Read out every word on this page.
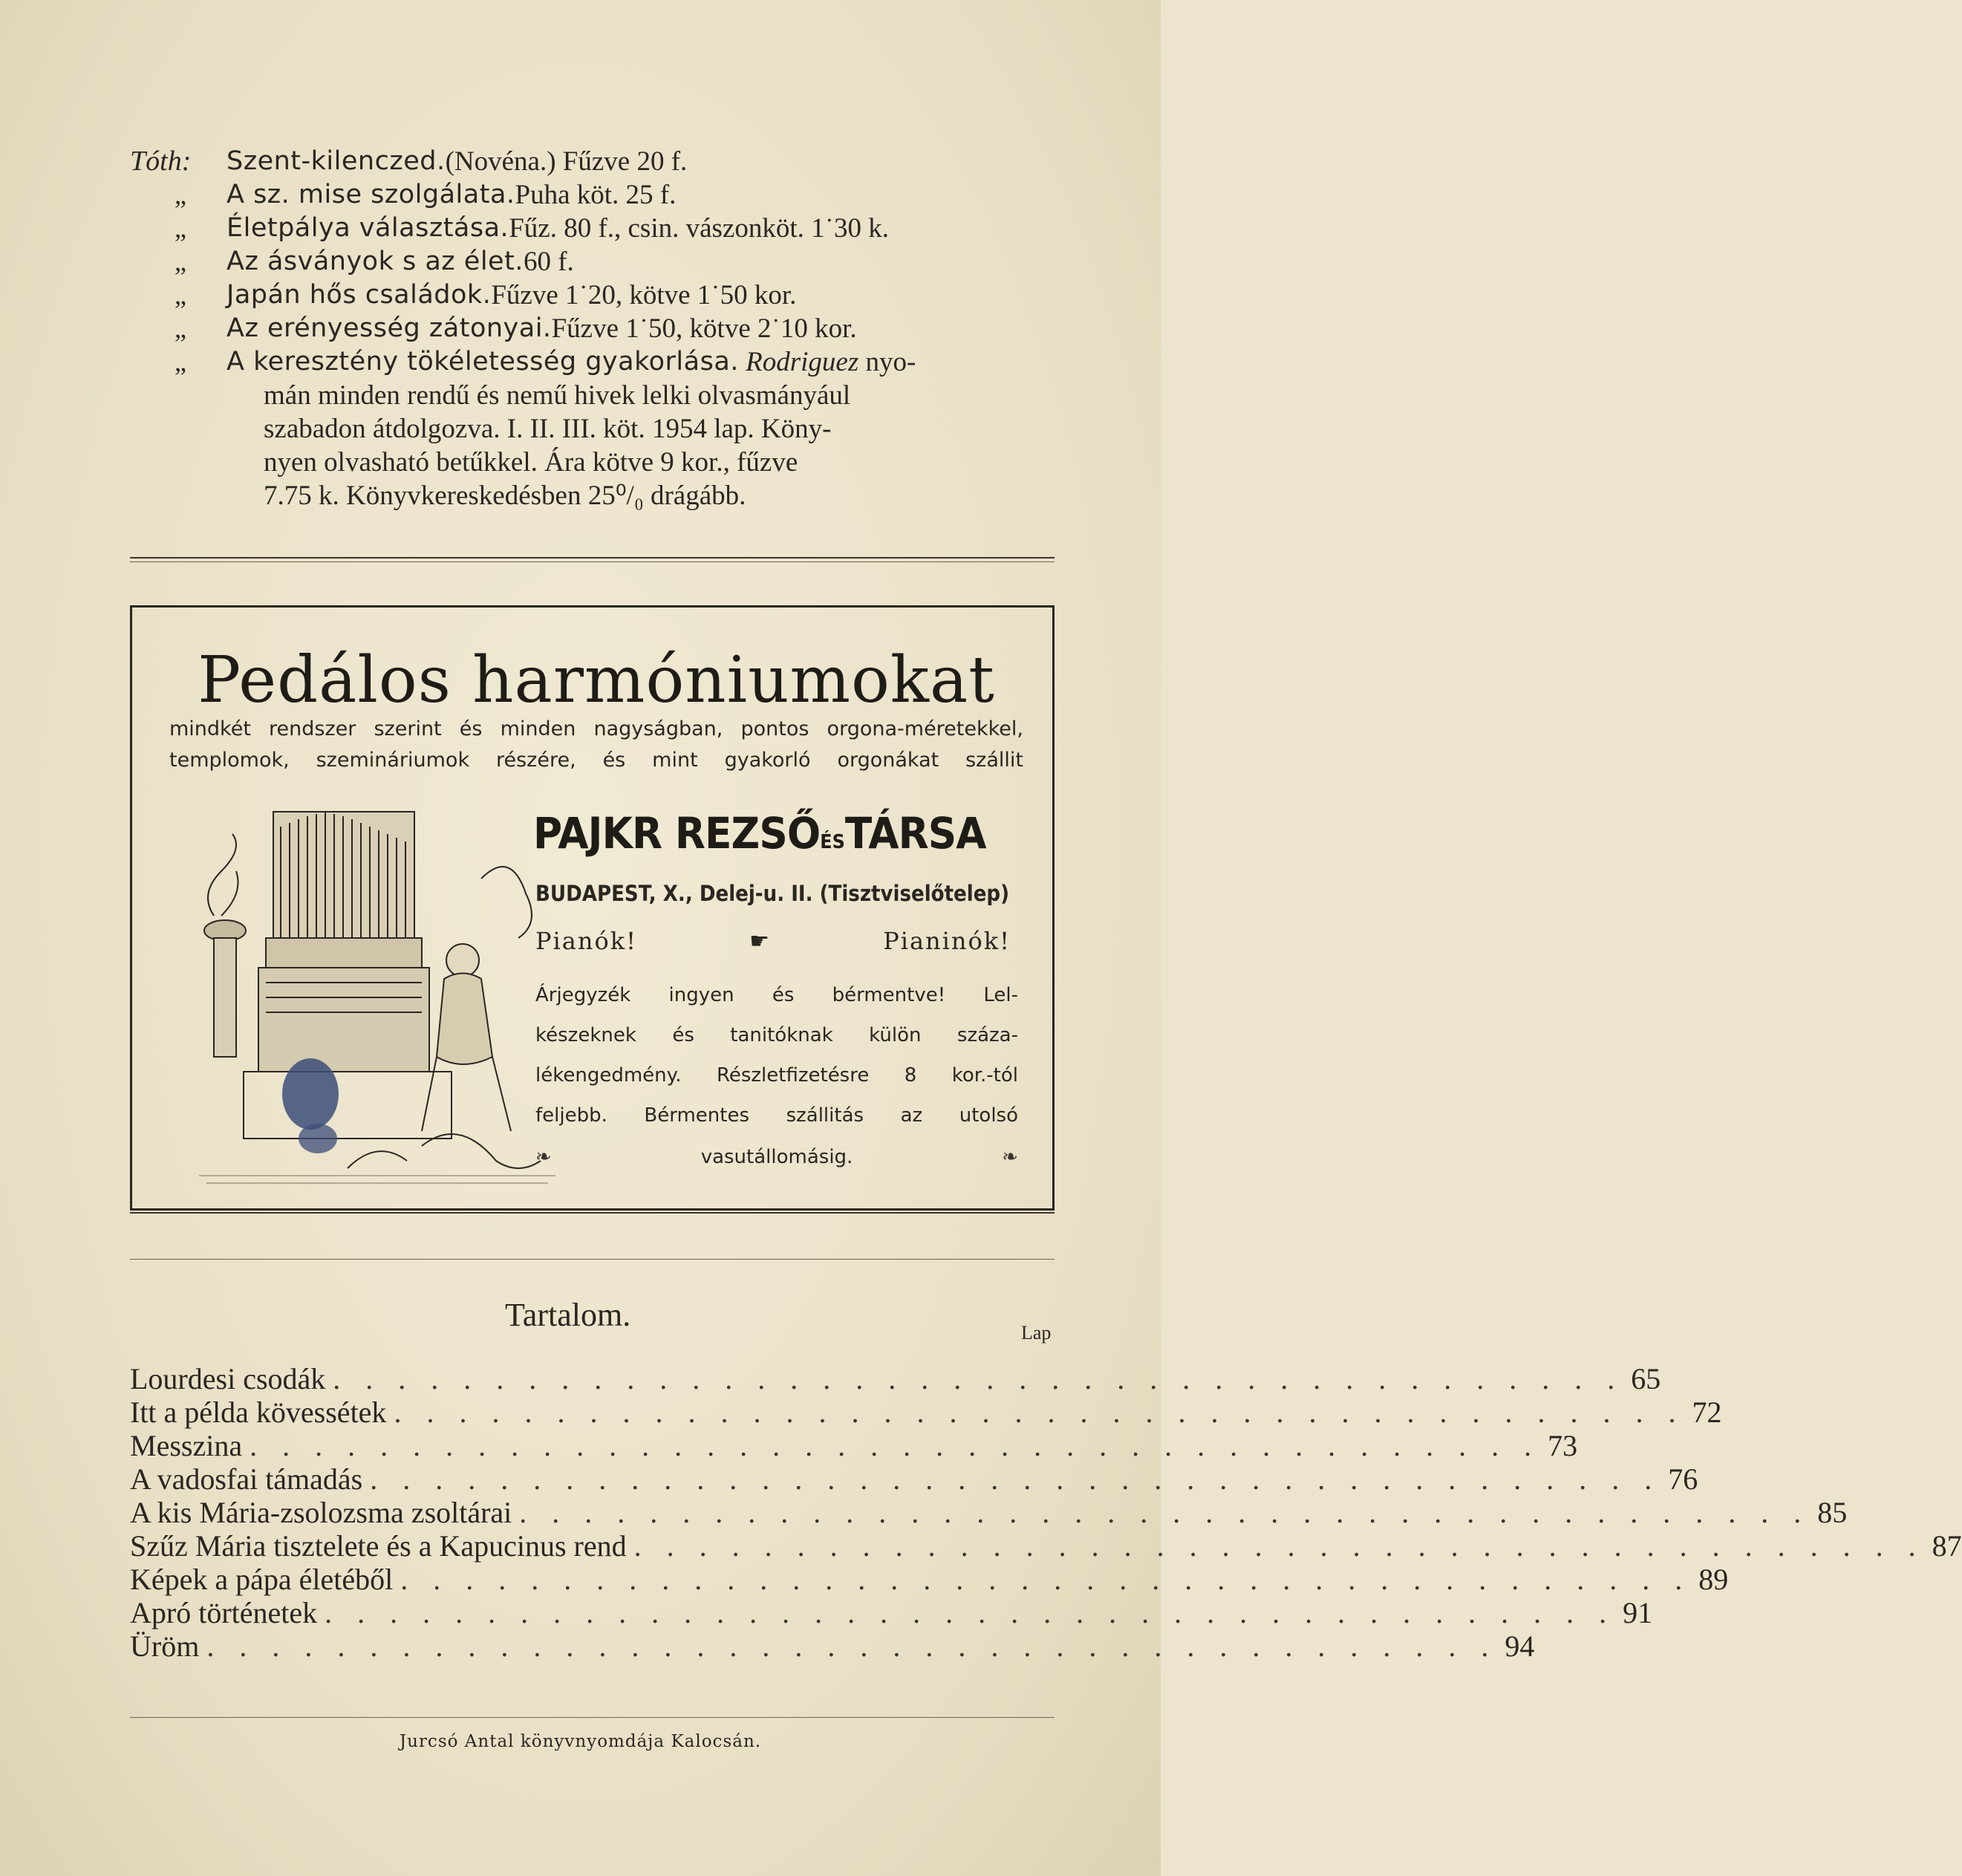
Tóth:	Szent-kilenczed. (Novéna.) Fűzve 20 f.
„	A sz. mise szolgálata. Puha köt. 25 f.
„	Életpálya választása. Fűz. 80 f., csin. vászonköt. 1˙30 k.
„	Az ásványok s az élet. 60 f.
„	Japán hős családok. Fűzve 1˙20, kötve 1˙50 kor.
„	Az erényesség zátonyai. Fűzve 1˙50, kötve 2˙10 kor.
„	A keresztény tökéletesség gyakorlása. Rodriguez nyo-
mán minden rendű és nemű hivek lelki olvasmányául
szabadon átdolgozva. I. II. III. köt. 1954 lap. Köny-
nyen olvasható betűkkel. Ára kötve 9 kor., fűzve
7.75 k. Könyvkereskedésben 25⁰/₀ drágább.
Pedálos harmóniumokat
mindkét rendszer szerint és minden nagyságban, pontos orgona-méretekkel,
templomok, szemináriumok részére, és mint gyakorló orgonákat szállit
PAJKR REZSŐÉSTÁRSA
BUDAPEST, X., Delej-u. II. (Tisztviselőtelep)
Pianók!	☛	Pianinók!
Árjegyzék ingyen és bérmentve! Lel-
készeknek és tanitóknak külön száza-
lékengedmény. Részletfizetésre 8 kor.-tól
feljebb. Bérmentes szállitás az utolsó
❧	vasutállomásig.	❧
Tartalom.	Lap
Lourdesi csodák . . . . . . . . . . . . . . . . . . . . . . . . . . . . . . . . . . . . . . . . 65
Itt a példa kövessétek . . . . . . . . . . . . . . . . . . . . . . . . . . . . . . . . . . . . . . . . 72
Messzina . . . . . . . . . . . . . . . . . . . . . . . . . . . . . . . . . . . . . . . . 73
A vadosfai támadás . . . . . . . . . . . . . . . . . . . . . . . . . . . . . . . . . . . . . . . . 76
A kis Mária-zsolozsma zsoltárai . . . . . . . . . . . . . . . . . . . . . . . . . . . . . . . . . . . . . . . . 85
Szűz Mária tisztelete és a Kapucinus rend . . . . . . . . . . . . . . . . . . . . . . . . . . . . . . . . . . . . . . . . 87
Képek a pápa életéből . . . . . . . . . . . . . . . . . . . . . . . . . . . . . . . . . . . . . . . . 89
Apró történetek . . . . . . . . . . . . . . . . . . . . . . . . . . . . . . . . . . . . . . . . 91
Üröm . . . . . . . . . . . . . . . . . . . . . . . . . . . . . . . . . . . . . . . . 94
Jurcsó Antal könyvnyomdája Kalocsán.
